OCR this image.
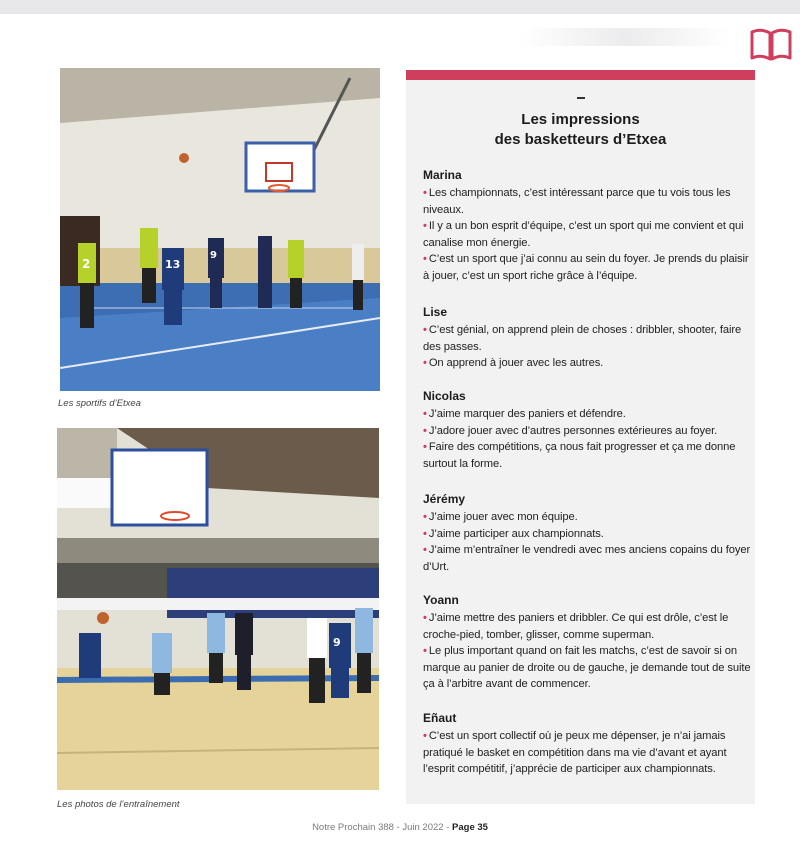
2	13
9
Les sportifs d’Etxea
9
Les photos de l’entraînement
Les impressions
des basketteurs d’Etxea
Marina

• Les championnats, c’est intéressant parce que tu vois tous les niveaux.

• Il y a un bon esprit d’équipe, c’est un sport qui me convient et qui canalise mon énergie.

• C’est un sport que j’ai connu au sein du foyer. Je prends du plaisir à jouer, c’est un sport riche grâce à l’équipe.

Lise

• C’est génial, on apprend plein de choses : dribbler, shooter, faire des passes.

• On apprend à jouer avec les autres.

Nicolas

• J’aime marquer des paniers et défendre.

• J’adore jouer avec d’autres personnes extérieures au foyer.

• Faire des compétitions, ça nous fait progresser et ça me donne surtout la forme.

Jérémy

• J’aime jouer avec mon équipe.

• J’aime participer aux championnats.

• J’aime m’entraîner le vendredi avec mes anciens copains du foyer d’Urt.

Yoann

• J’aime mettre des paniers et dribbler. Ce qui est drôle, c’est le croche-pied, tomber, glisser, comme superman.

• Le plus important quand on fait les matchs, c’est de savoir si on marque au panier de droite ou de gauche, je demande tout de suite ça à l’arbitre avant de commencer.

Eñaut

• C’est un sport collectif où je peux me dépenser, je n’ai jamais pratiqué le basket en compétition dans ma vie d’avant et ayant l’esprit compétitif, j’apprécie de participer aux championnats.

Notre Prochain 388 - Juin 2022 - Page 35
